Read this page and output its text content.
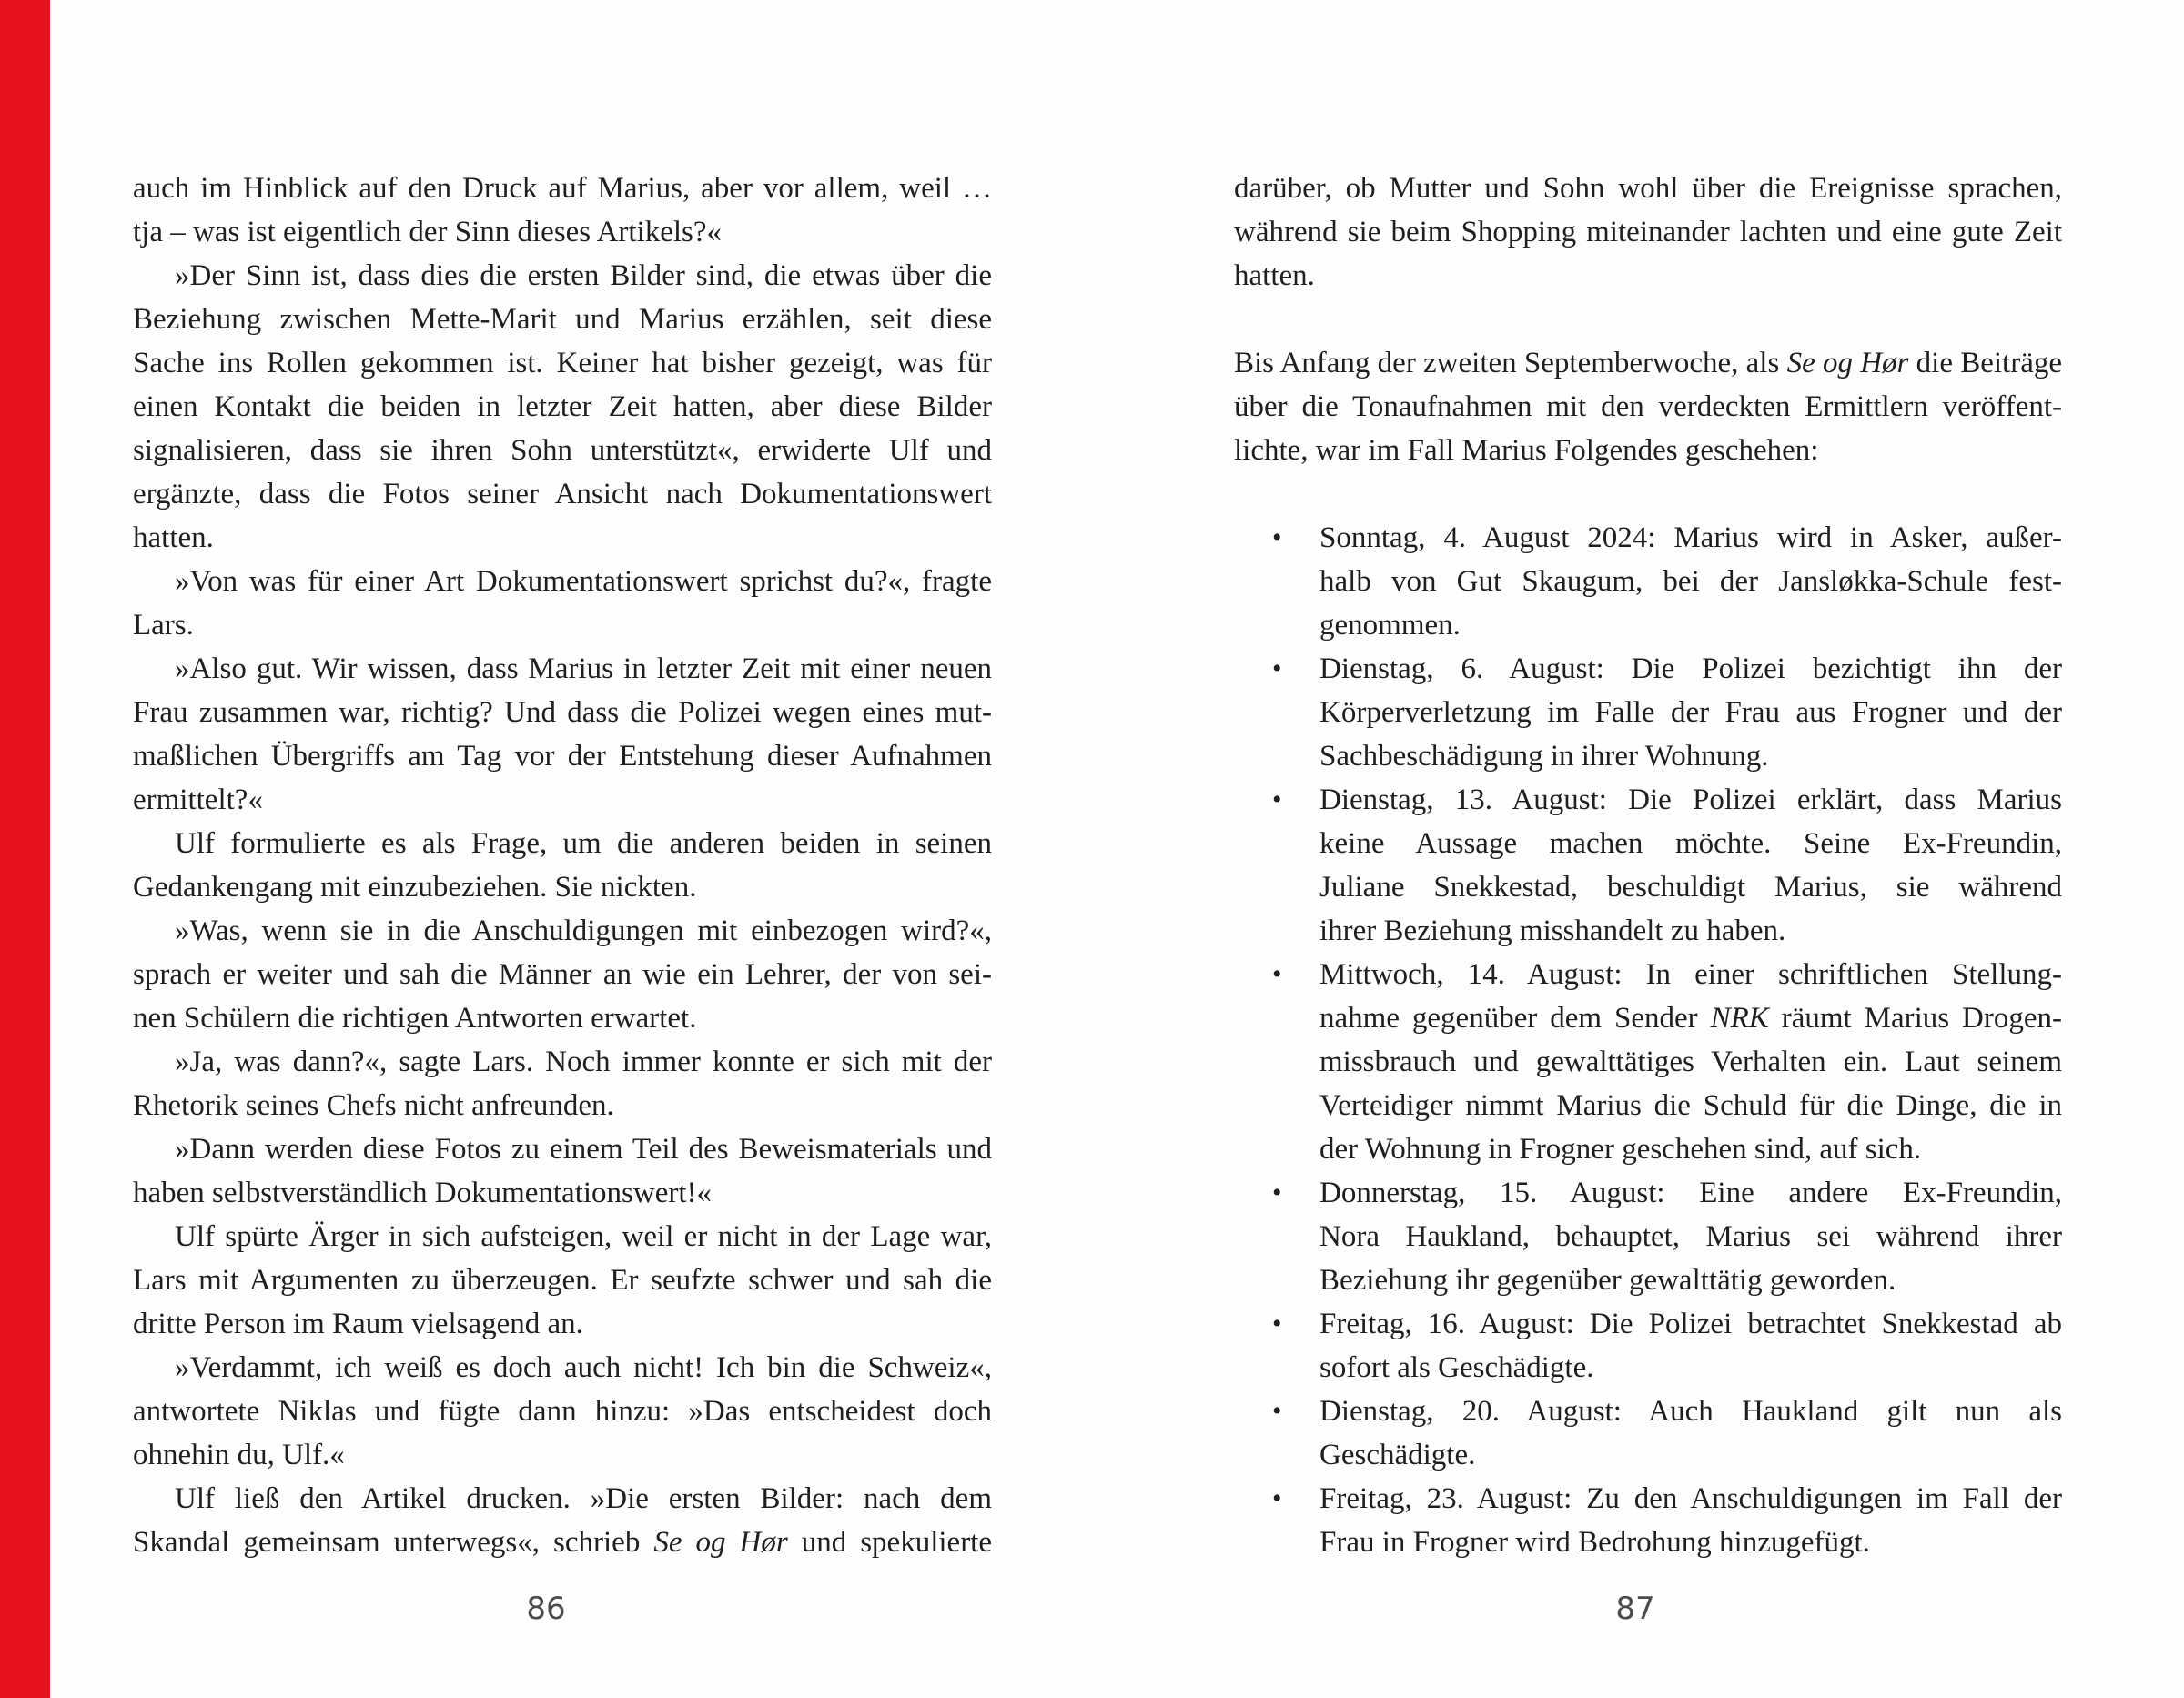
auch im Hinblick auf den Druck auf Marius, aber vor allem, weil …
tja – was ist eigentlich der Sinn dieses Artikels?«
»Der Sinn ist, dass dies die ersten Bilder sind, die etwas über die
Beziehung zwischen Mette-Marit und Marius erzählen, seit diese
Sache ins Rollen gekommen ist. Keiner hat bisher gezeigt, was für
einen Kontakt die beiden in letzter Zeit hatten, aber diese Bilder
signalisieren, dass sie ihren Sohn unterstützt«, erwiderte Ulf und
ergänzte, dass die Fotos seiner Ansicht nach Dokumentationswert
hatten.
»Von was für einer Art Dokumentationswert sprichst du?«, fragte
Lars.
»Also gut. Wir wissen, dass Marius in letzter Zeit mit einer neuen
Frau zusammen war, richtig? Und dass die Polizei wegen eines mut-
maßlichen Übergriffs am Tag vor der Entstehung dieser Aufnahmen
ermittelt?«
Ulf formulierte es als Frage, um die anderen beiden in seinen
Gedankengang mit einzubeziehen. Sie nickten.
»Was, wenn sie in die Anschuldigungen mit einbezogen wird?«,
sprach er weiter und sah die Männer an wie ein Lehrer, der von sei-
nen Schülern die richtigen Antworten erwartet.
»Ja, was dann?«, sagte Lars. Noch immer konnte er sich mit der
Rhetorik seines Chefs nicht anfreunden.
»Dann werden diese Fotos zu einem Teil des Beweismaterials und
haben selbstverständlich Dokumentationswert!«
Ulf spürte Ärger in sich aufsteigen, weil er nicht in der Lage war,
Lars mit Argumenten zu überzeugen. Er seufzte schwer und sah die
dritte Person im Raum vielsagend an.
»Verdammt, ich weiß es doch auch nicht! Ich bin die Schweiz«,
antwortete Niklas und fügte dann hinzu: »Das entscheidest doch
ohnehin du, Ulf.«
Ulf ließ den Artikel drucken. »Die ersten Bilder: nach dem
Skandal gemeinsam unterwegs«, schrieb Se og Hør und spekulierte
darüber, ob Mutter und Sohn wohl über die Ereignisse sprachen,
während sie beim Shopping miteinander lachten und eine gute Zeit
hatten.
Bis Anfang der zweiten Septemberwoche, als Se og Hør die Beiträge
über die Tonaufnahmen mit den verdeckten Ermittlern veröffent-
lichte, war im Fall Marius Folgendes geschehen:
• Sonntag, 4. August 2024: Marius wird in Asker, außer-
halb von Gut Skaugum, bei der Jansløkka-Schule fest-
genommen.
• Dienstag, 6. August: Die Polizei bezichtigt ihn der
Körperverletzung im Falle der Frau aus Frogner und der
Sachbeschädigung in ihrer Wohnung.
• Dienstag, 13. August: Die Polizei erklärt, dass Marius
keine Aussage machen möchte. Seine Ex-Freundin,
Juliane Snekkestad, beschuldigt Marius, sie während
ihrer Beziehung misshandelt zu haben.
• Mittwoch, 14. August: In einer schriftlichen Stellung-
nahme gegenüber dem Sender NRK räumt Marius Drogen-
missbrauch und gewalttätiges Verhalten ein. Laut seinem
Verteidiger nimmt Marius die Schuld für die Dinge, die in
der Wohnung in Frogner geschehen sind, auf sich.
• Donnerstag, 15. August: Eine andere Ex-Freundin,
Nora Haukland, behauptet, Marius sei während ihrer
Beziehung ihr gegenüber gewalttätig geworden.
• Freitag, 16. August: Die Polizei betrachtet Snekkestad ab
sofort als Geschädigte.
• Dienstag, 20. August: Auch Haukland gilt nun als
Geschädigte.
• Freitag, 23. August: Zu den Anschuldigungen im Fall der
Frau in Frogner wird Bedrohung hinzugefügt.
86	87
